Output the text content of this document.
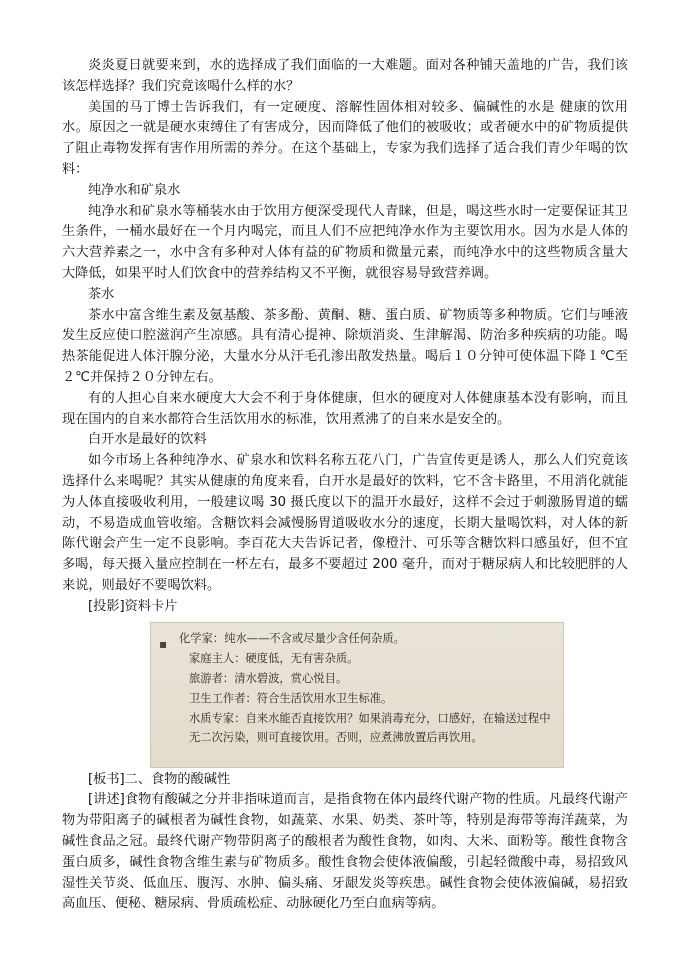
炎炎夏日就要来到，水的选择成了我们面临的一大难题。面对各种铺天盖地的广告，我们该该怎样选择？我们究竟该喝什么样的水？

美国的马丁博士告诉我们，有一定硬度、溶解性固体相对较多、偏碱性的水是 健康的饮用水。原因之一就是硬水束缚住了有害成分，因而降低了他们的被吸收；或者硬水中的矿物质提供了阻止毒物发挥有害作用所需的养分。在这个基础上，专家为我们选择了适合我们青少年喝的饮料：

纯净水和矿泉水

纯净水和矿泉水等桶装水由于饮用方便深受现代人青睐，但是，喝这些水时一定要保证其卫生条件，一桶水最好在一个月内喝完，而且人们不应把纯净水作为主要饮用水。因为水是人体的六大营养素之一，水中含有多种对人体有益的矿物质和微量元素，而纯净水中的这些物质含量大大降低，如果平时人们饮食中的营养结构又不平衡，就很容易导致营养调。

茶水

茶水中富含维生素及氨基酸、茶多酚、黄酮、糖、蛋白质、矿物质等多种物质。它们与唾液发生反应使口腔滋润产生凉感。具有清心提神、除烦消炎、生津解渴、防治多种疾病的功能。喝热茶能促进人体汗腺分泌，大量水分从汗毛孔渗出散发热量。喝后１０分钟可使体温下降１℃至２℃并保持２０分钟左右。

有的人担心自来水硬度大大会不利于身体健康，但水的硬度对人体健康基本没有影响，而且现在国内的自来水都符合生活饮用水的标准，饮用煮沸了的自来水是安全的。

白开水是最好的饮料

如今市场上各种纯净水、矿泉水和饮料名称五花八门，广告宣传更是诱人，那么人们究竟该选择什么来喝呢？其实从健康的角度来看，白开水是最好的饮料，它不含卡路里，不用消化就能为人体直接吸收利用，一般建议喝 30 摄氏度以下的温开水最好，这样不会过于刺激肠胃道的蠕动，不易造成血管收缩。含糖饮料会减慢肠胃道吸收水分的速度，长期大量喝饮料，对人体的新陈代谢会产生一定不良影响。李百花大夫告诉记者，像橙汁、可乐等含糖饮料口感虽好，但不宜多喝，每天摄入量应控制在一杯左右，最多不要超过 200 毫升，而对于糖尿病人和比较肥胖的人来说，则最好不要喝饮料。

[投影]资料卡片

▪	化学家：纯水——不含或尽量少含任何杂质。
家庭主人：硬度低，无有害杂质。
旅游者：清水碧波，赏心悦目。
卫生工作者：符合生活饮用水卫生标准。
水质专家：自来水能否直接饮用？如果消毒充分，口感好，在输送过程中无二次污染，则可直接饮用。否则，应煮沸放置后再饮用。

[板书]二、食物的酸碱性

[讲述]食物有酸碱之分并非指味道而言，是指食物在体内最终代谢产物的性质。凡最终代谢产物为带阳离子的碱根者为碱性食物，如蔬菜、水果、奶类、茶叶等，特别是海带等海洋蔬菜，为碱性食品之冠。最终代谢产物带阴离子的酸根者为酸性食物，如肉、大米、面粉等。酸性食物含蛋白质多，碱性食物含维生素与矿物质多。酸性食物会使体液偏酸，引起轻微酸中毒，易招致风湿性关节炎、低血压、腹泻、水肿、偏头痛、牙龈发炎等疾患。碱性食物会使体液偏碱，易招致高血压、便秘、糖尿病、骨质疏松症、动脉硬化乃至白血病等病。
